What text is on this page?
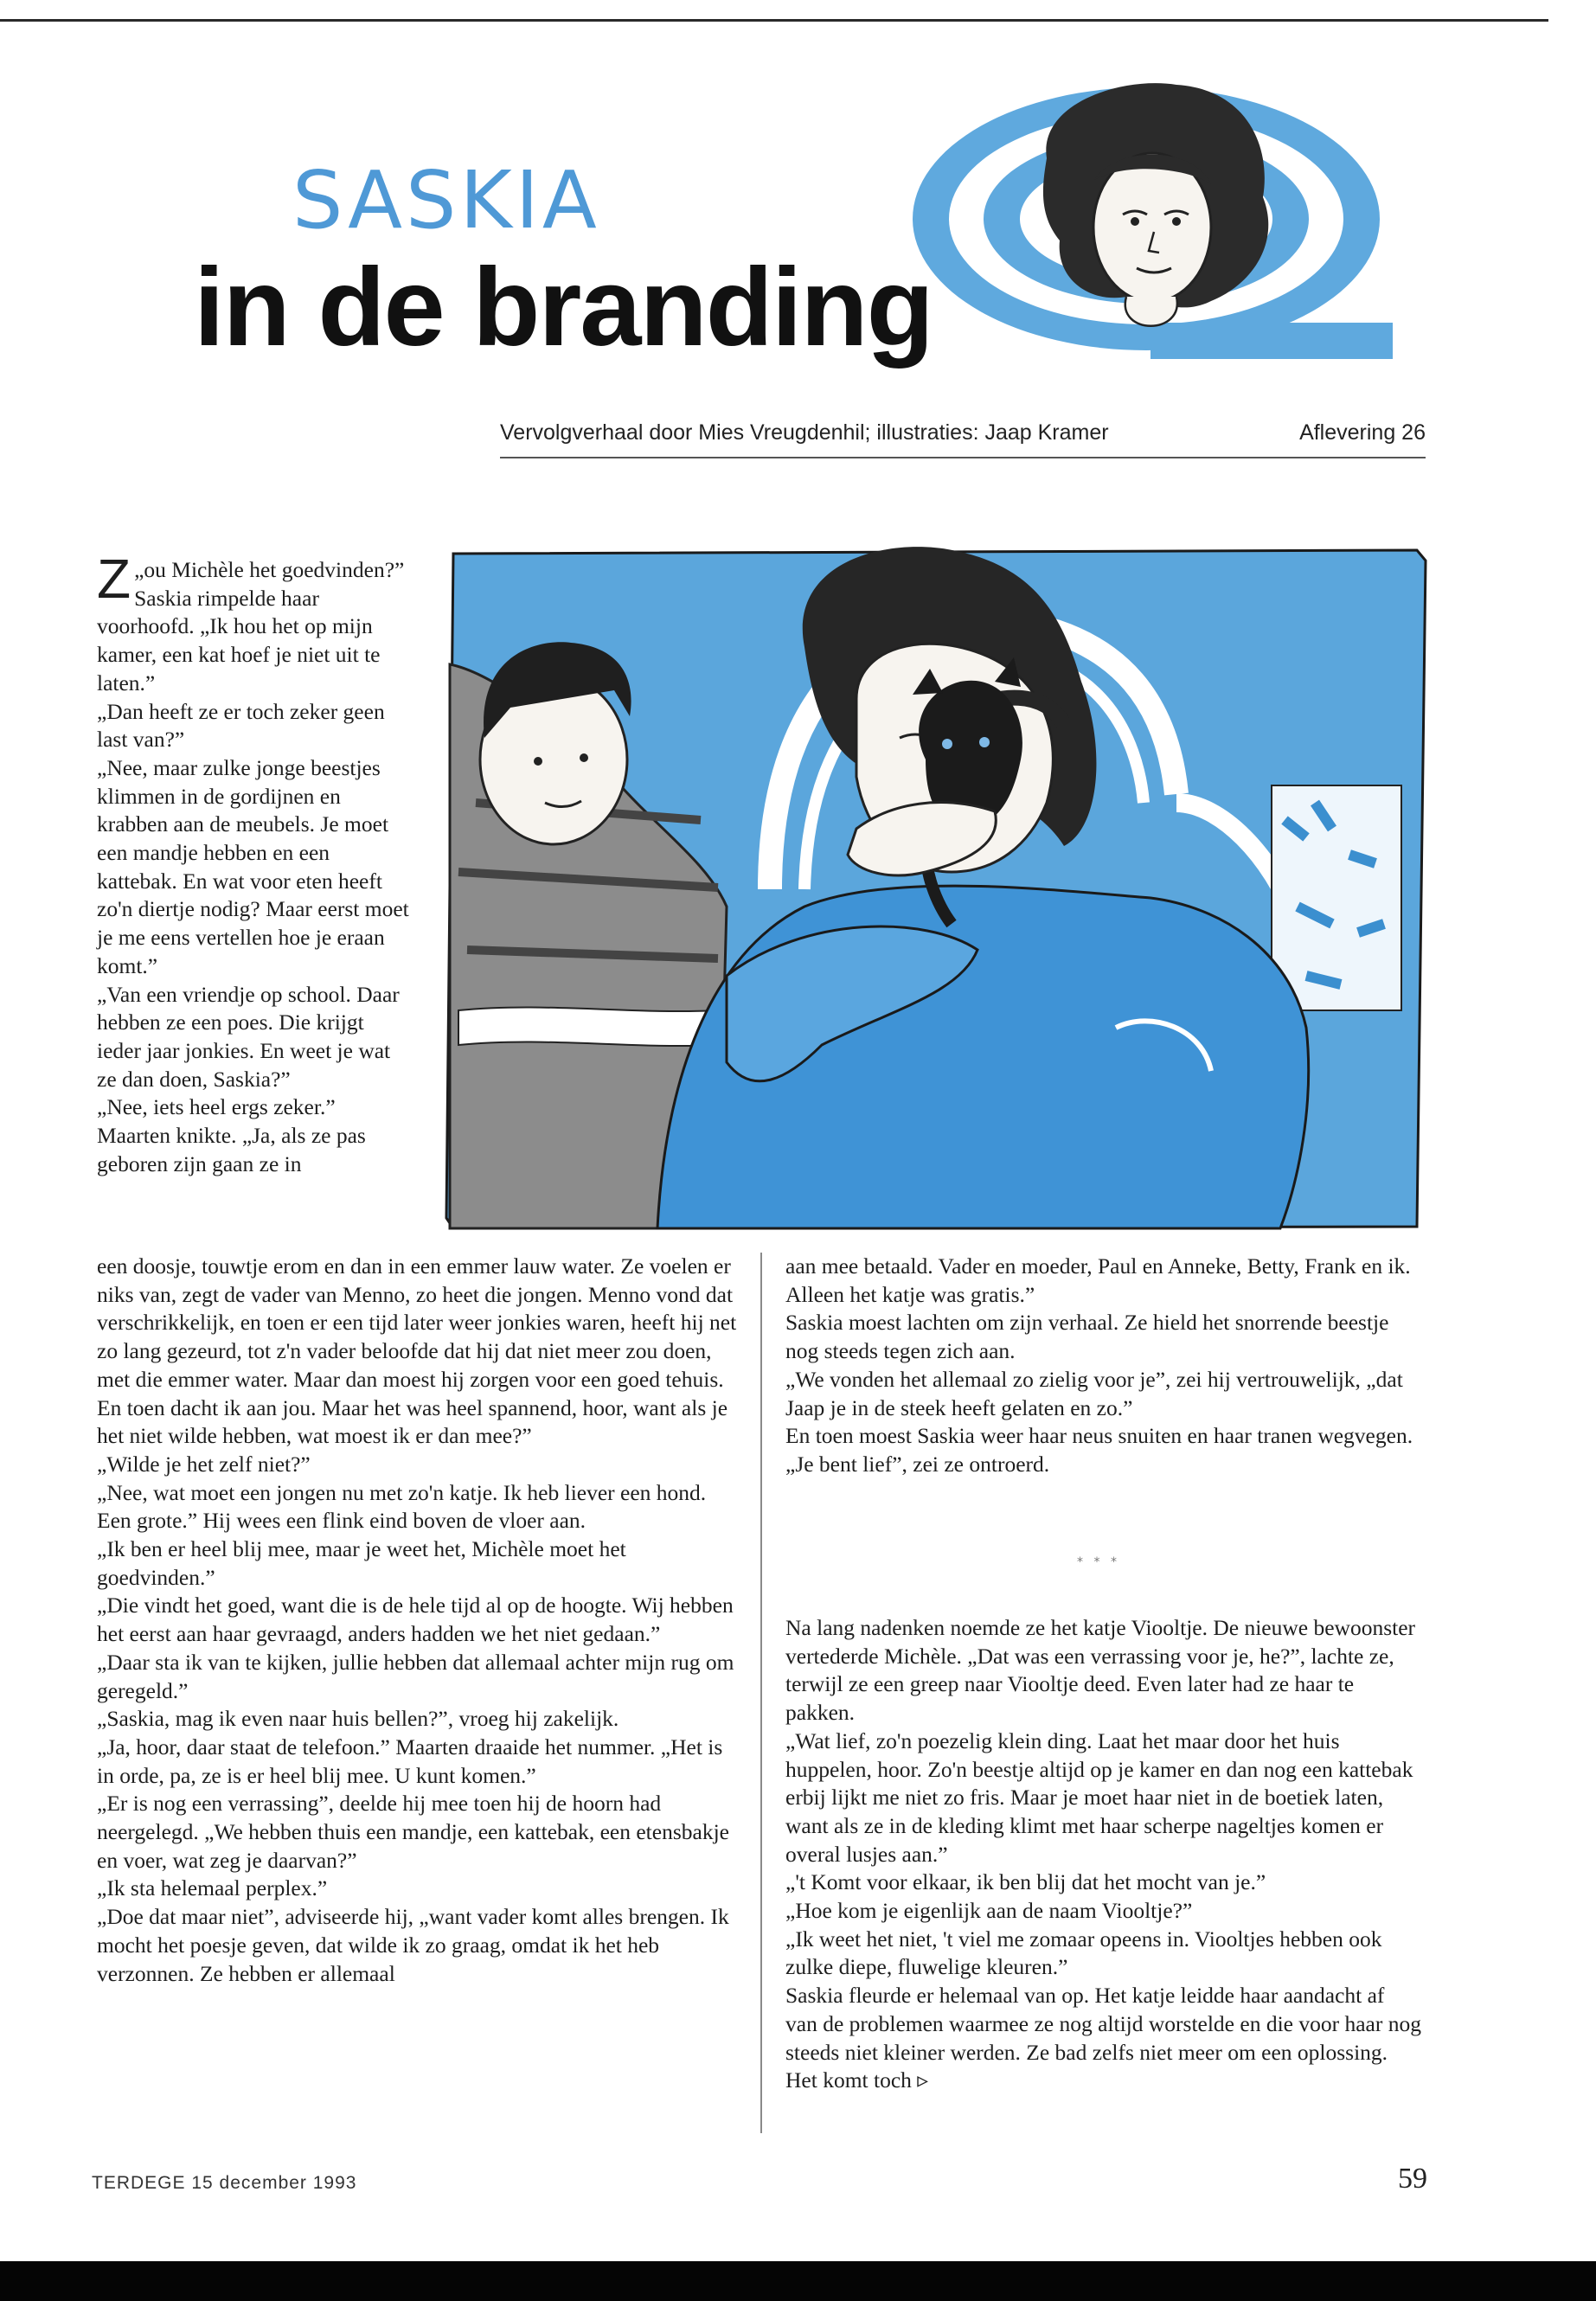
SASKIA
in de branding
Vervolgverhaal door Mies Vreugdenhil; illustraties: Jaap Kramer	Aflevering 26
Z „ou Michèle het goedvinden?” Saskia rimpelde haar voorhoofd. „Ik hou het op mijn kamer, een kat hoef je niet uit te laten.”

„Dan heeft ze er toch zeker geen last van?”

„Nee, maar zulke jonge beestjes klimmen in de gordijnen en krabben aan de meubels. Je moet een mandje hebben en een kattebak. En wat voor eten heeft zo'n diertje nodig? Maar eerst moet je me eens vertellen hoe je eraan komt.”

„Van een vriendje op school. Daar hebben ze een poes. Die krijgt ieder jaar jonkies. En weet je wat ze dan doen, Saskia?”

„Nee, iets heel ergs zeker.”

Maarten knikte. „Ja, als ze pas geboren zijn gaan ze in

een doosje, touwtje erom en dan in een emmer lauw water. Ze voelen er niks van, zegt de vader van Menno, zo heet die jongen. Menno vond dat verschrikkelijk, en toen er een tijd later weer jonkies waren, heeft hij net zo lang gezeurd, tot z'n vader beloofde dat hij dat niet meer zou doen, met die emmer water. Maar dan moest hij zorgen voor een goed tehuis. En toen dacht ik aan jou. Maar het was heel spannend, hoor, want als je het niet wilde hebben, wat moest ik er dan mee?”

„Wilde je het zelf niet?”

„Nee, wat moet een jongen nu met zo'n katje. Ik heb liever een hond. Een grote.” Hij wees een flink eind boven de vloer aan.

„Ik ben er heel blij mee, maar je weet het, Michèle moet het goedvinden.”

„Die vindt het goed, want die is de hele tijd al op de hoogte. Wij hebben het eerst aan haar gevraagd, anders hadden we het niet gedaan.”

„Daar sta ik van te kijken, jullie hebben dat allemaal achter mijn rug om geregeld.”

„Saskia, mag ik even naar huis bellen?”, vroeg hij zakelijk.

„Ja, hoor, daar staat de telefoon.” Maarten draaide het nummer. „Het is in orde, pa, ze is er heel blij mee. U kunt komen.”

„Er is nog een verrassing”, deelde hij mee toen hij de hoorn had neergelegd. „We hebben thuis een mandje, een kattebak, een etensbakje en voer, wat zeg je daarvan?”

„Ik sta helemaal perplex.”

„Doe dat maar niet”, adviseerde hij, „want vader komt alles brengen. Ik mocht het poesje geven, dat wilde ik zo graag, omdat ik het heb verzonnen. Ze hebben er allemaal

aan mee betaald. Vader en moeder, Paul en Anneke, Betty, Frank en ik. Alleen het katje was gratis.”

Saskia moest lachten om zijn verhaal. Ze hield het snorrende beestje nog steeds tegen zich aan.

„We vonden het allemaal zo zielig voor je”, zei hij vertrouwelijk, „dat Jaap je in de steek heeft gelaten en zo.”

En toen moest Saskia weer haar neus snuiten en haar tranen wegvegen.

„Je bent lief”, zei ze ontroerd.

* * *

Na lang nadenken noemde ze het katje Viooltje. De nieuwe bewoonster vertederde Michèle. „Dat was een verrassing voor je, he?”, lachte ze, terwijl ze een greep naar Viooltje deed. Even later had ze haar te pakken.

„Wat lief, zo'n poezelig klein ding. Laat het maar door het huis huppelen, hoor. Zo'n beestje altijd op je kamer en dan nog een kattebak erbij lijkt me niet zo fris. Maar je moet haar niet in de boetiek laten, want als ze in de kleding klimt met haar scherpe nageltjes komen er overal lusjes aan.”

„'t Komt voor elkaar, ik ben blij dat het mocht van je.”

„Hoe kom je eigenlijk aan de naam Viooltje?”

„Ik weet het niet, 't viel me zomaar opeens in. Viooltjes hebben ook zulke diepe, fluwelige kleuren.”

Saskia fleurde er helemaal van op. Het katje leidde haar aandacht af van de problemen waarmee ze nog altijd worstelde en die voor haar nog steeds niet kleiner werden. Ze bad zelfs niet meer om een oplossing. Het komt toch ▹

TERDEGE 15 december 1993	59
